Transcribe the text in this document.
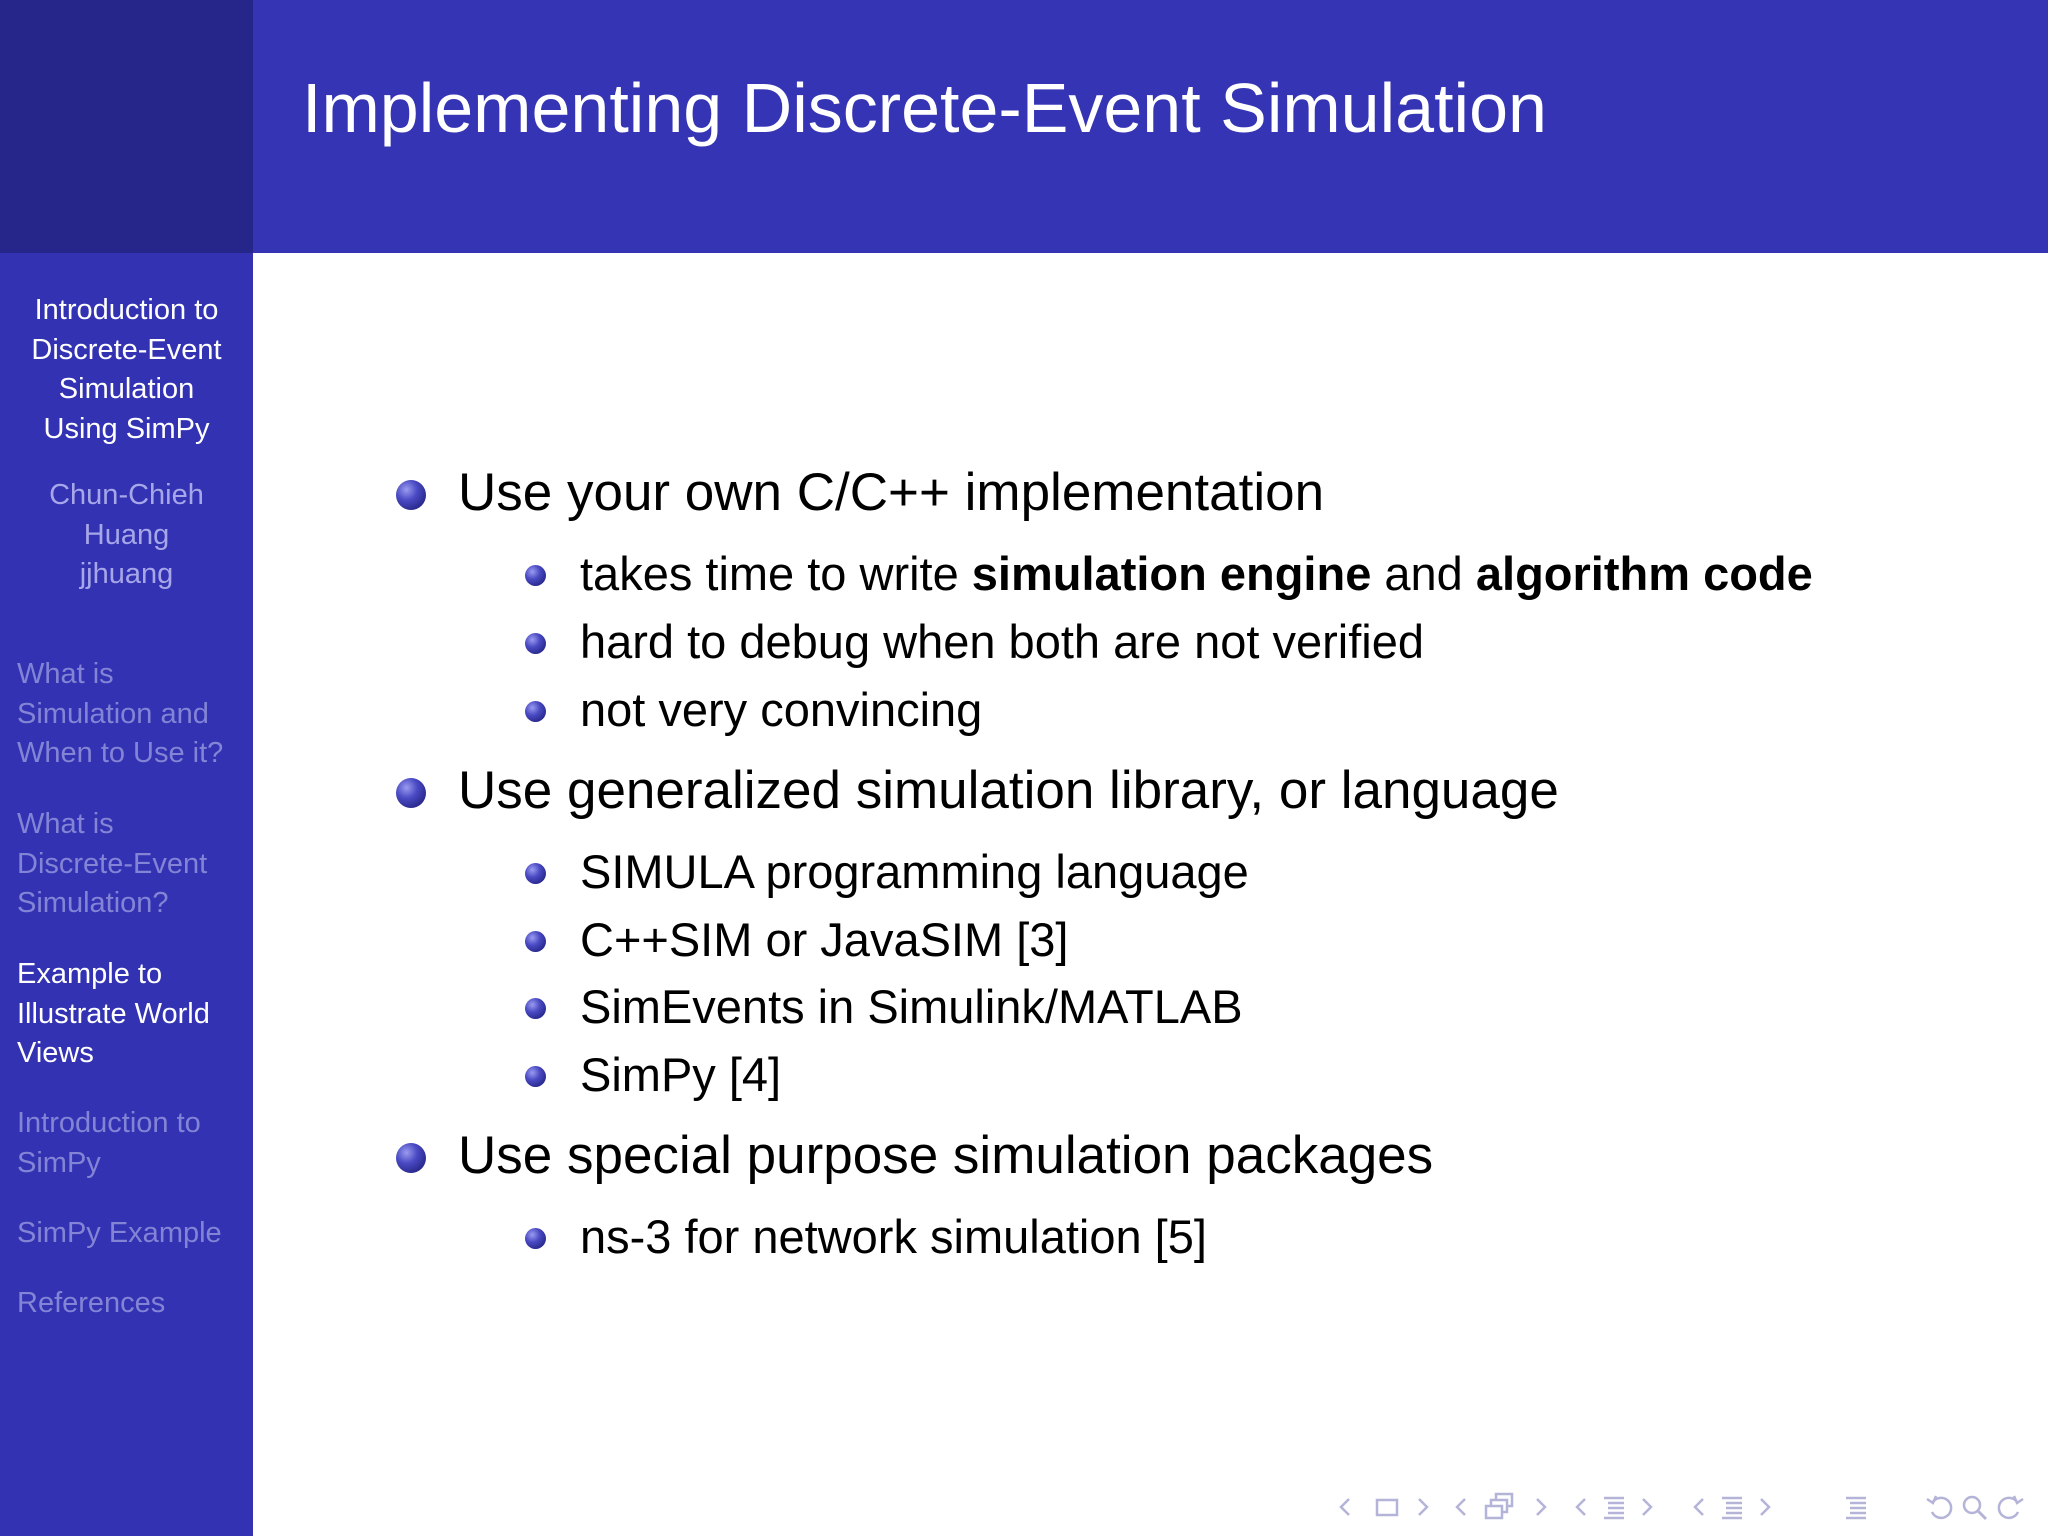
Introduction to
Discrete-Event
Simulation
Using SimPy
Chun-Chieh
Huang
jjhuang
What is
Simulation and
When to Use it?
What is
Discrete-Event
Simulation?
Example to
Illustrate World
Views
Introduction to
SimPy
SimPy Example
References
Implementing Discrete-Event Simulation
Use your own C/C++ implementation
takes time to write simulation engine and algorithm code
hard to debug when both are not verified
not very convincing
Use generalized simulation library, or language
SIMULA programming language
C++SIM or JavaSIM [3]
SimEvents in Simulink/MATLAB
SimPy [4]
Use special purpose simulation packages
ns-3 for network simulation [5]
